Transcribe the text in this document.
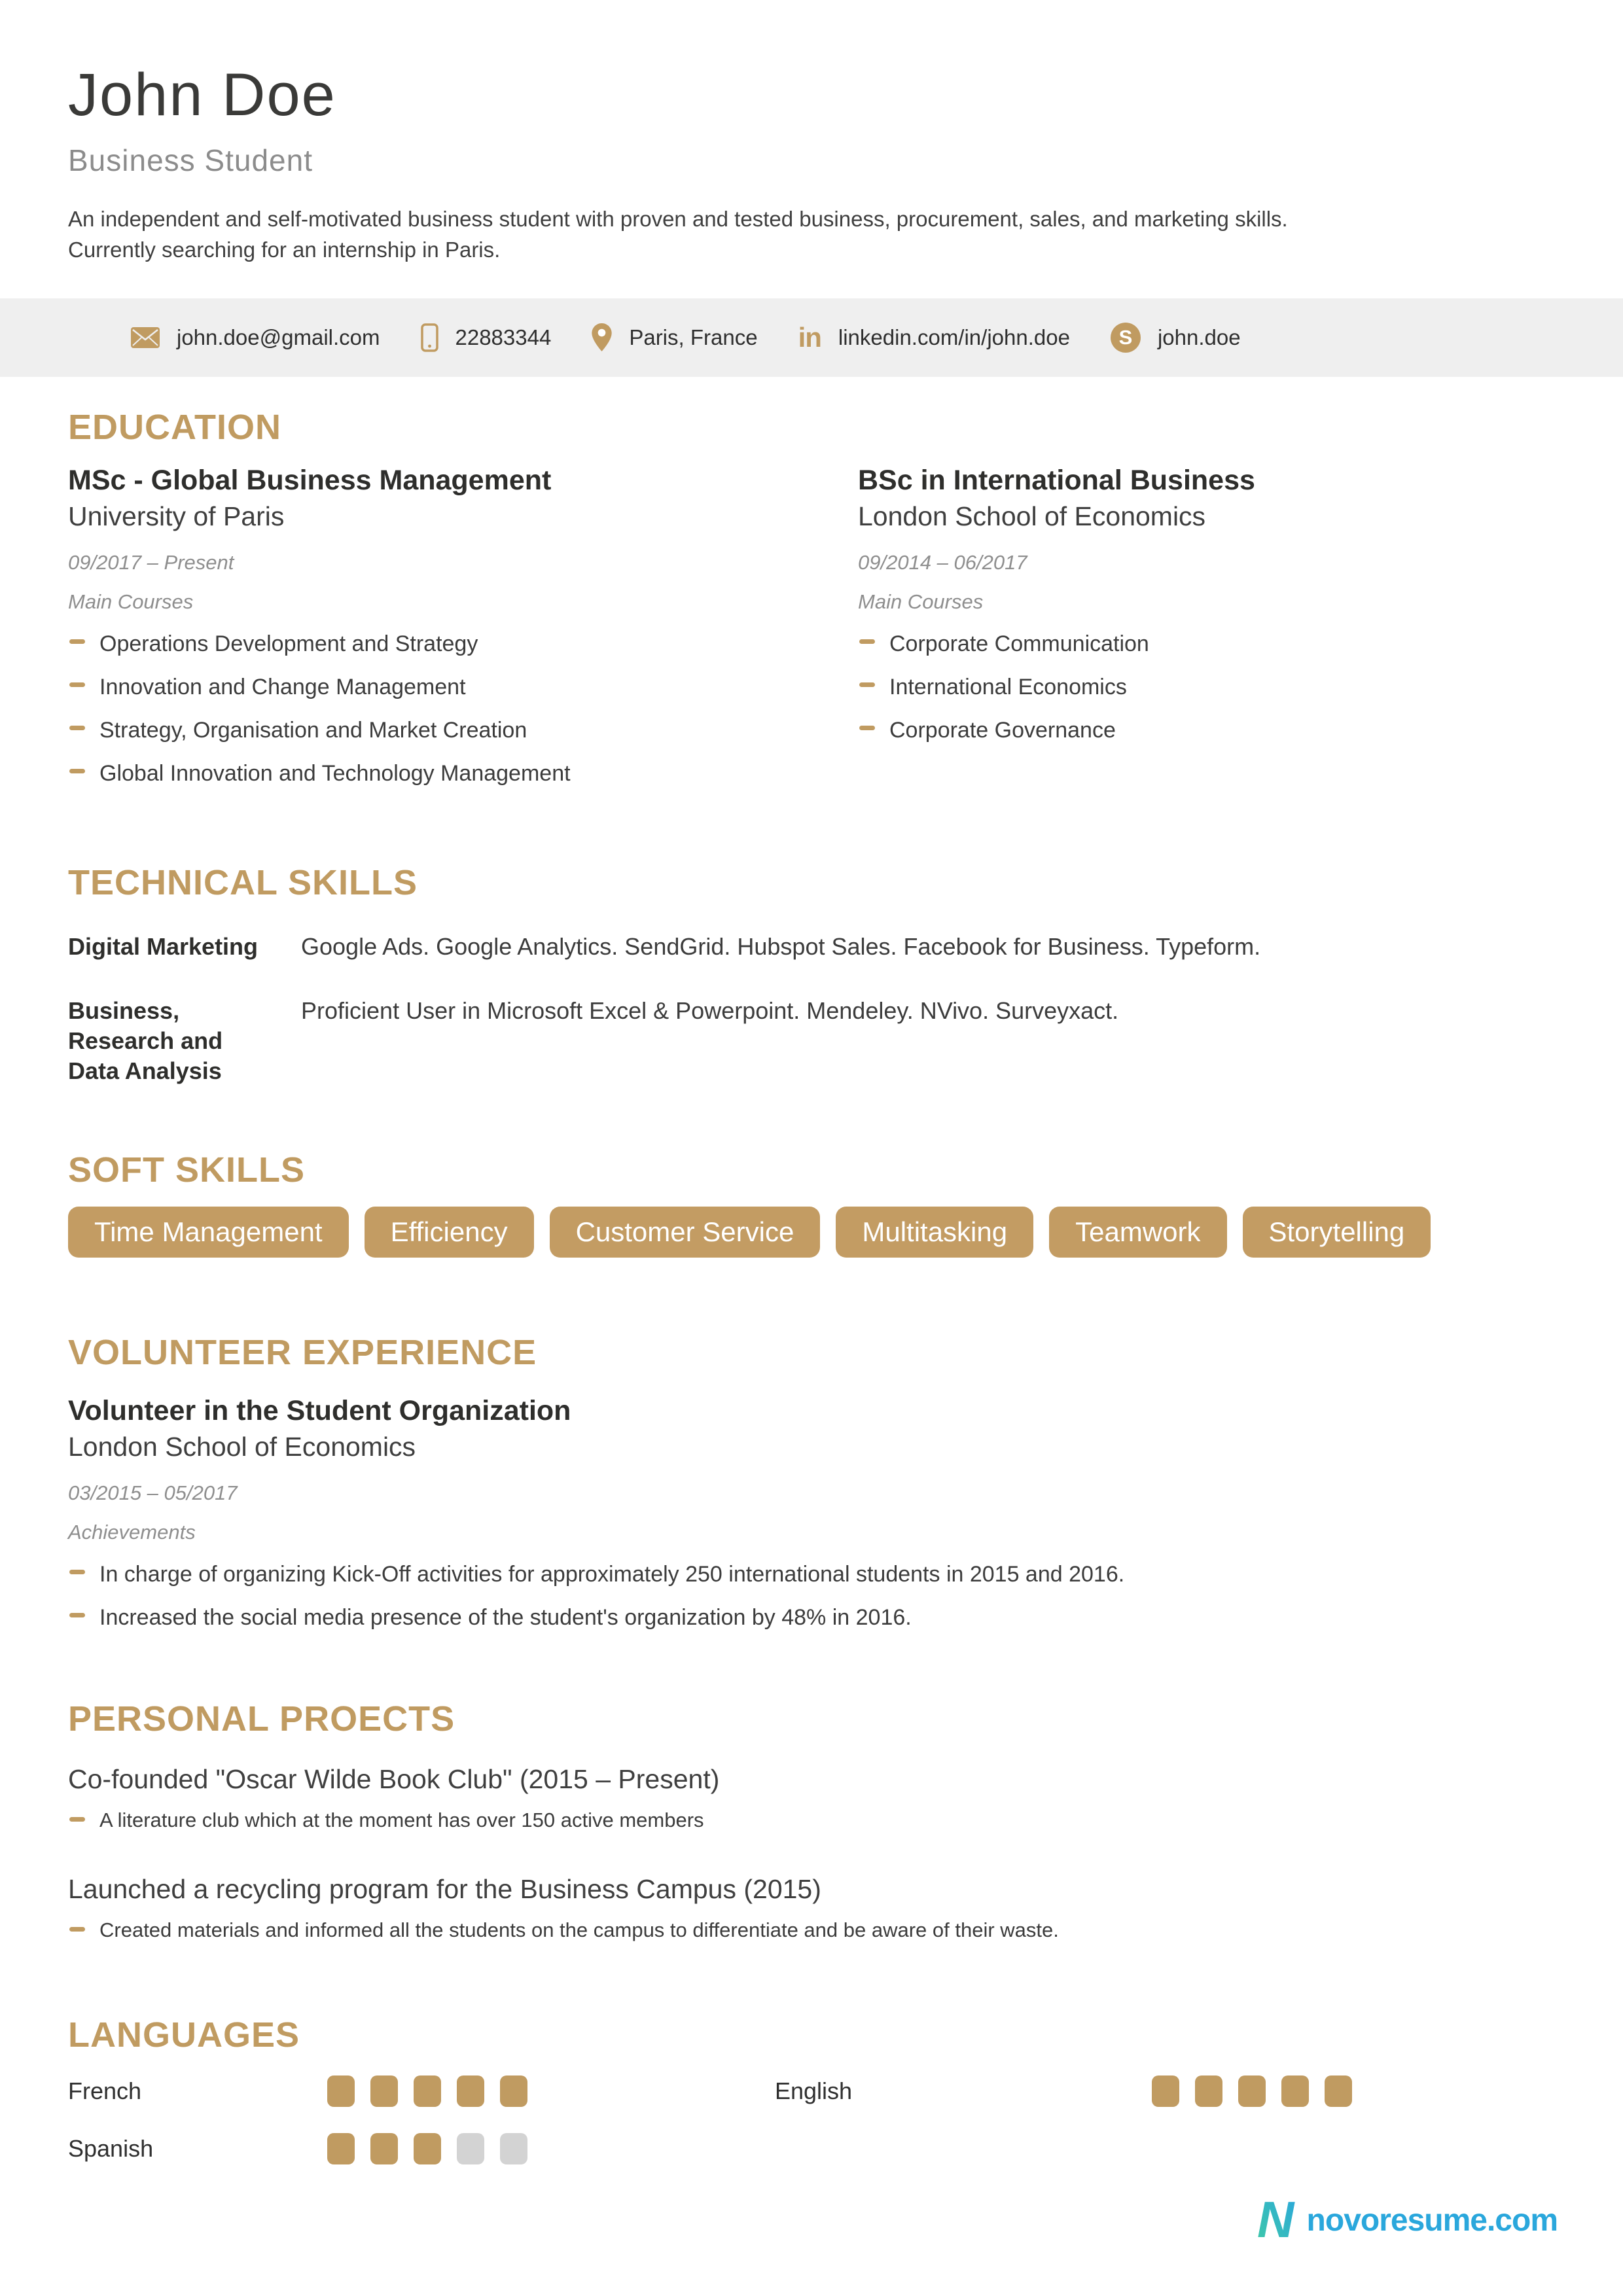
John Doe
Business Student
An independent and self-motivated business student with proven and tested business, procurement, sales, and marketing skills. Currently searching for an internship in Paris.
john.doe@gmail.com	22883344	Paris, France in linkedin.com/in/john.doe	S	john.doe
EDUCATION
MSc - Global Business Management
University of Paris
09/2017 – Present
Main Courses
Operations Development and Strategy
Innovation and Change Management
Strategy, Organisation and Market Creation
Global Innovation and Technology Management
BSc in International Business
London School of Economics
09/2014 – 06/2017
Main Courses
Corporate Communication
International Economics
Corporate Governance
TECHNICAL SKILLS
Digital Marketing Google Ads. Google Analytics. SendGrid. Hubspot Sales. Facebook for Business. Typeform.
Business, Research and Data Analysis
Proficient User in Microsoft Excel & Powerpoint. Mendeley. NVivo. Surveyxact.
SOFT SKILLS
Time Management	Efficiency	Customer Service	Multitasking	Teamwork	Storytelling
VOLUNTEER EXPERIENCE
Volunteer in the Student Organization
London School of Economics
03/2015 – 05/2017
Achievements
In charge of organizing Kick-Off activities for approximately 250 international students in 2015 and 2016.
Increased the social media presence of the student's organization by 48% in 2016.
PERSONAL PROECTS
Co-founded "Oscar Wilde Book Club" (2015 – Present)
A literature club which at the moment has over 150 active members
Launched a recycling program for the Business Campus (2015)
Created materials and informed all the students on the campus to differentiate and be aware of their waste.
LANGUAGES
French	English
Spanish
N novoresume.com
